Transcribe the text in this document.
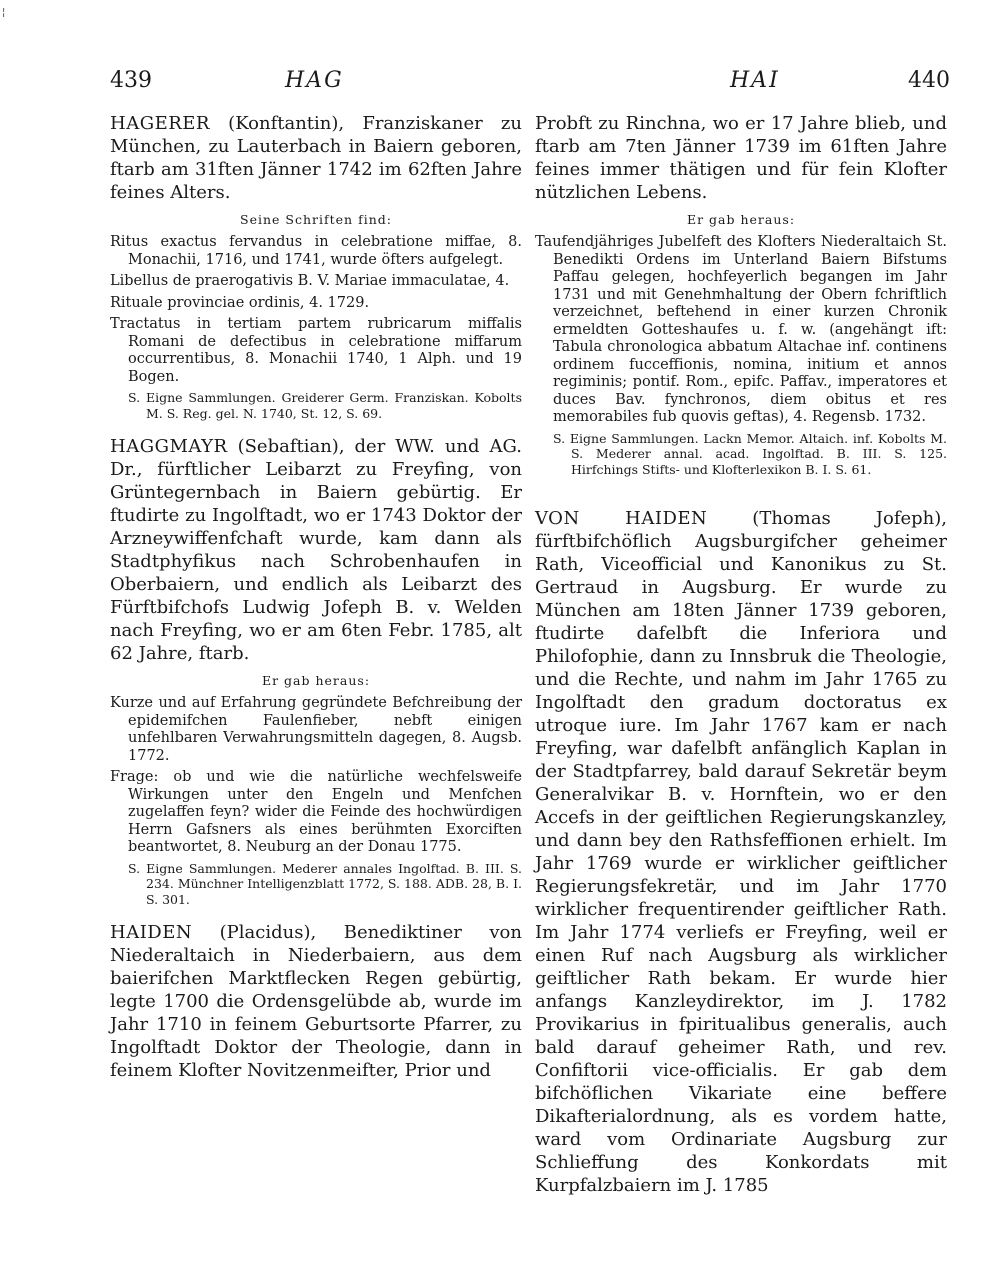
¦
439	HAG	HAI	440

HAGERER (Konftantin), Franziskaner zu München, zu Lauterbach in Baiern geboren, ftarb am 31ften Jänner 1742 im 62ften Jahre feines Alters.

Seine Schriften find:

Ritus exactus fervandus in celebratione miffae, 8. Monachii, 1716, und 1741, wurde öfters aufgelegt.

Libellus de praerogativis B. V. Mariae immaculatae, 4.

Rituale provinciae ordinis, 4. 1729.

Tractatus in tertiam partem rubricarum miffalis Romani de defectibus in celebratione miffarum occurrentibus, 8. Monachii 1740, 1 Alph. und 19 Bogen.

S. Eigne Sammlungen. Greiderer Germ. Franziskan. Kobolts M. S. Reg. gel. N. 1740, St. 12, S. 69.

HAGGMAYR (Sebaftian), der WW. und AG. Dr., fürftlicher Leibarzt zu Freyfing, von Grüntegernbach in Baiern gebürtig. Er ftudirte zu Ingolftadt, wo er 1743 Doktor der Arzneywiffenfchaft wurde, kam dann als Stadtphyfikus nach Schrobenhaufen in Oberbaiern, und endlich als Leibarzt des Fürftbifchofs Ludwig Jofeph B. v. Welden nach Freyfing, wo er am 6ten Febr. 1785, alt 62 Jahre, ftarb.

Er gab heraus:

Kurze und auf Erfahrung gegründete Befchreibung der epidemifchen Faulenfieber, nebft einigen unfehlbaren Verwahrungsmitteln dagegen, 8. Augsb. 1772.

Frage: ob und wie die natürliche wechfelsweife Wirkungen unter den Engeln und Menfchen zugelaffen feyn? wider die Feinde des hochwürdigen Herrn Gafsners als eines berühmten Exorciften beantwortet, 8. Neuburg an der Donau 1775.

S. Eigne Sammlungen. Mederer annales Ingolftad. B. III. S. 234. Münchner Intelligenzblatt 1772, S. 188. ADB. 28, B. I. S. 301.

HAIDEN (Placidus), Benediktiner von Niederaltaich in Niederbaiern, aus dem baierifchen Marktflecken Regen gebürtig, legte 1700 die Ordensgelübde ab, wurde im Jahr 1710 in feinem Geburtsorte Pfarrer, zu Ingolftadt Doktor der Theologie, dann in feinem Klofter Novitzenmeifter, Prior und

Probft zu Rinchna, wo er 17 Jahre blieb, und ftarb am 7ten Jänner 1739 im 61ften Jahre feines immer thätigen und für fein Klofter nützlichen Lebens.

Er gab heraus:

Taufendjähriges Jubelfeft des Klofters Niederaltaich St. Benedikti Ordens im Unterland Baiern Bifstums Paffau gelegen, hochfeyerlich begangen im Jahr 1731 und mit Genehmhaltung der Obern fchriftlich verzeichnet, beftehend in einer kurzen Chronik ermeldten Gotteshaufes u. f. w. (angehängt ift: Tabula chronologica abbatum Altachae inf. continens ordinem fucceffionis, nomina, initium et annos regiminis; pontif. Rom., epifc. Paffav., imperatores et duces Bav. fynchronos, diem obitus et res memorabiles fub quovis geftas), 4. Regensb. 1732.

S. Eigne Sammlungen. Lackn Memor. Altaich. inf. Kobolts M. S. Mederer annal. acad. Ingolftad. B. III. S. 125. Hirfchings Stifts- und Klofterlexikon B. I. S. 61.

VON HAIDEN (Thomas Jofeph), fürftbifchöflich Augsburgifcher geheimer Rath, Viceofficial und Kanonikus zu St. Gertraud in Augsburg. Er wurde zu München am 18ten Jänner 1739 geboren, ftudirte dafelbft die Inferiora und Philofophie, dann zu Innsbruk die Theologie, und die Rechte, und nahm im Jahr 1765 zu Ingolftadt den gradum doctoratus ex utroque iure. Im Jahr 1767 kam er nach Freyfing, war dafelbft anfänglich Kaplan in der Stadtpfarrey, bald darauf Sekretär beym Generalvikar B. v. Hornftein, wo er den Accefs in der geiftlichen Regierungskanzley, und dann bey den Rathsfeffionen erhielt. Im Jahr 1769 wurde er wirklicher geiftlicher Regierungsfekretär, und im Jahr 1770 wirklicher frequentirender geiftlicher Rath. Im Jahr 1774 verliefs er Freyfing, weil er einen Ruf nach Augsburg als wirklicher geiftlicher Rath bekam. Er wurde hier anfangs Kanzleydirektor, im J. 1782 Provikarius in fpiritualibus generalis, auch bald darauf geheimer Rath, und rev. Confiftorii vice-officialis. Er gab dem bifchöflichen Vikariate eine beffere Dikafterialordnung, als es vordem hatte, ward vom Ordinariate Augsburg zur Schlieffung des Konkordats mit Kurpfalzbaiern im J. 1785
